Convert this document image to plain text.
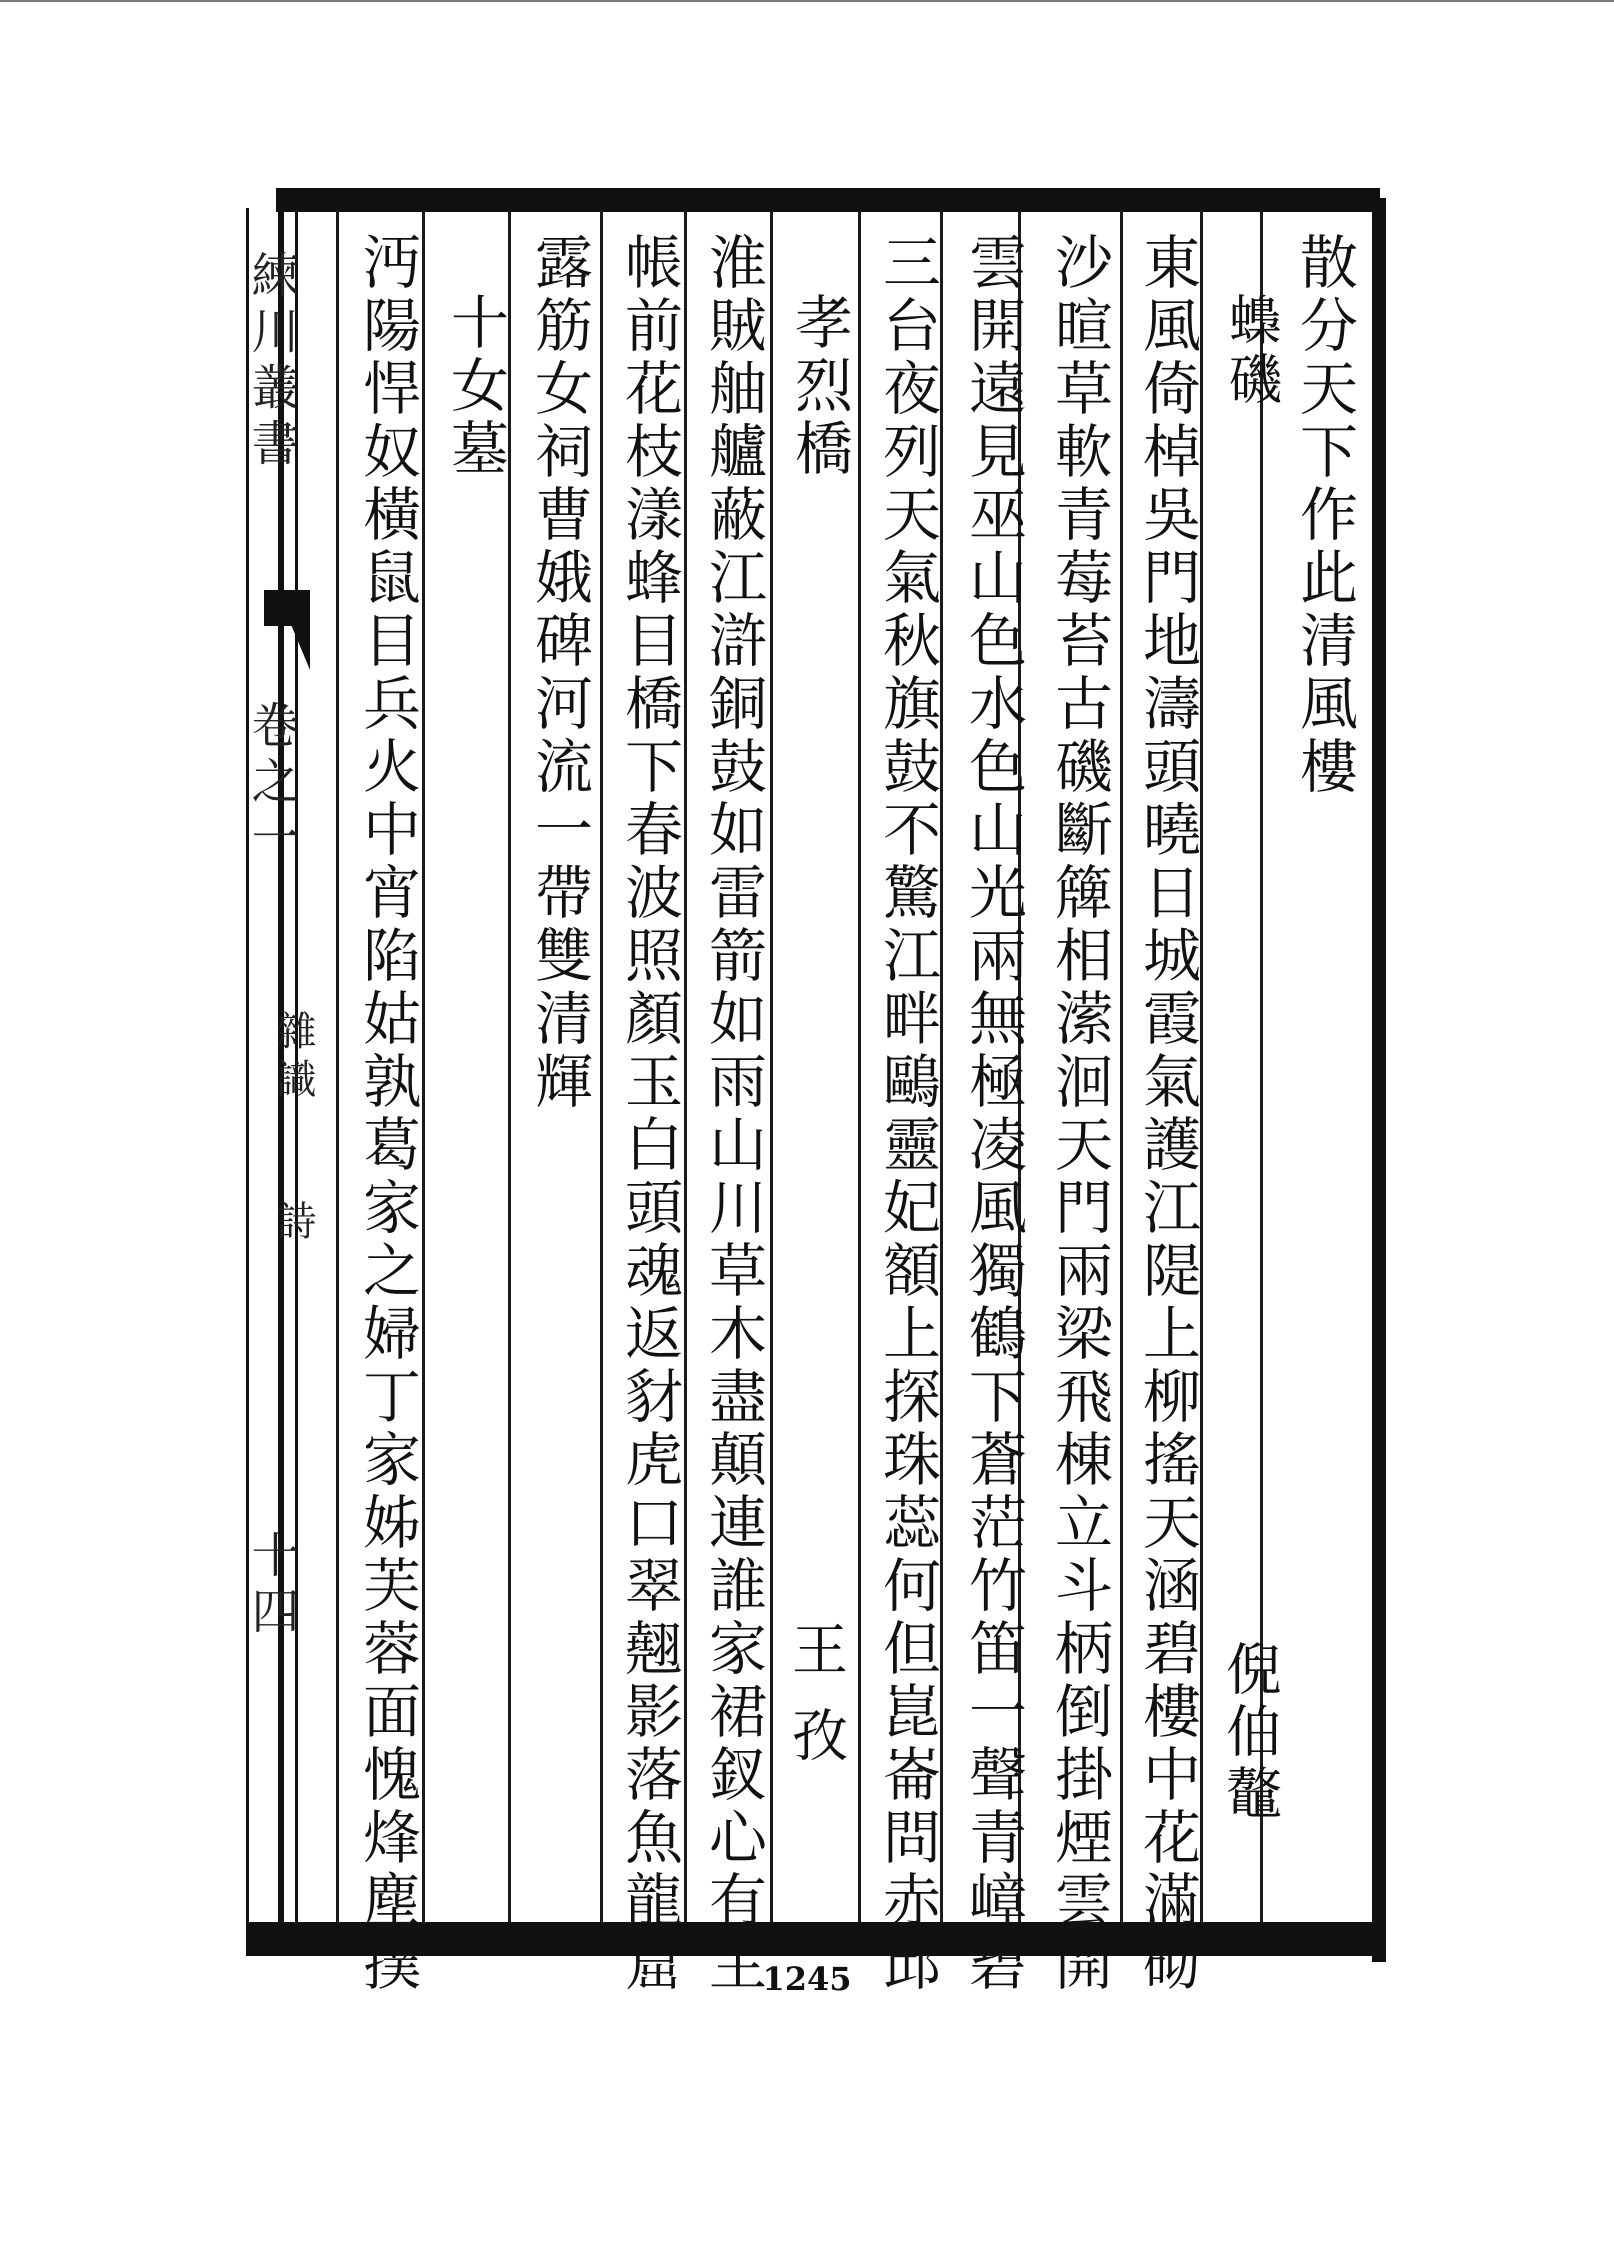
散分天下作此清風樓
蟂磯
倪伯鼇
東風倚棹吳門地濤頭曉日城霞氣護江隄上柳搖天涵碧樓中花滿砌
沙暄草軟青莓苔古磯斷簰相潆洄天門兩梁飛棟立斗柄倒掛煙雲開
雲開遠見巫山色水色山光兩無極凌風獨鶴下蒼茫竹笛一聲青嶂碧
三台夜列天氣秋旗鼓不驚江畔鷗靈妃額上探珠蕊何但崑崙問赤邱
孝烈橋
王孜
淮賊舳艫蔽江滸銅鼓如雷箭如雨山川草木盡顛連誰家裙釵心有主
帳前花枝漾蜂目橋下春波照顏玉白頭魂返豺虎口翠翹影落魚龍窟
露筋女祠曹娥碑河流一帶雙清輝
十女墓
沔陽悍奴橫鼠目兵火中宵陷姑孰葛家之婦丁家姊芙蓉面愧烽塵撲
練川叢書
卷之一
雜識
詩
十四
1245
